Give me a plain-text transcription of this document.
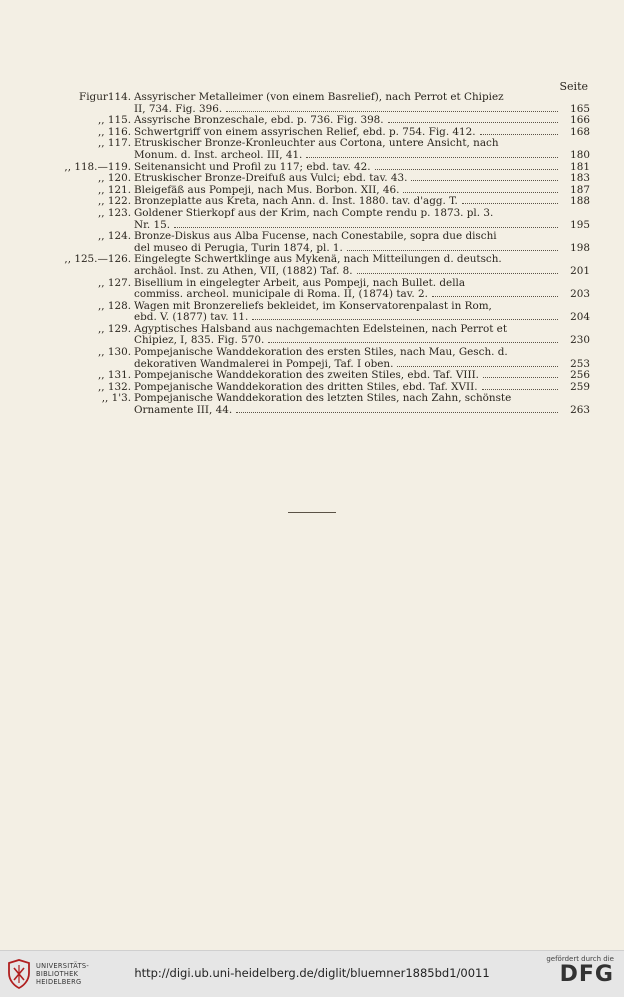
Seite
Figur114. Assyrischer Metalleimer (von einem Basrelief), nach Perrot et Chipiez
II, 734. Fig. 396.	165
,, 115. Assyrische Bronzeschale, ebd. p. 736. Fig. 398.	166
,, 116. Schwertgriff von einem assyrischen Relief, ebd. p. 754. Fig. 412.	168
,, 117. Etruskischer Bronze-Kronleuchter aus Cortona, untere Ansicht, nach
Monum. d. Inst. archeol. III, 41.	180
,, 118.—119. Seitenansicht und Profil zu 117; ebd. tav. 42.	181
,, 120. Etruskischer Bronze-Dreifuß aus Vulci; ebd. tav. 43.	183
,, 121. Bleigefäß aus Pompeji, nach Mus. Borbon. XII, 46.	187
,, 122. Bronzeplatte aus Kreta, nach Ann. d. Inst. 1880. tav. d'agg. T.	188
,, 123. Goldener Stierkopf aus der Krim, nach Compte rendu p. 1873. pl. 3.
Nr. 15.	195
,, 124. Bronze-Diskus aus Alba Fucense, nach Conestabile, sopra due dischi
del museo di Perugia, Turin 1874, pl. 1.	198
,, 125.—126. Eingelegte Schwertklinge aus Mykenä, nach Mitteilungen d. deutsch.
archäol. Inst. zu Athen, VII, (1882) Taf. 8.	201
,, 127. Bisellium in eingelegter Arbeit, aus Pompeji, nach Bullet. della
commiss. archeol. municipale di Roma. II, (1874) tav. 2.	203
,, 128. Wagen mit Bronzereliefs bekleidet, im Konservatorenpalast in Rom,
ebd. V. (1877) tav. 11.	204
,, 129. Ägyptisches Halsband aus nachgemachten Edelsteinen, nach Perrot et
Chipiez, I, 835. Fig. 570.	230
,, 130. Pompejanische Wanddekoration des ersten Stiles, nach Mau, Gesch. d.
dekorativen Wandmalerei in Pompeji, Taf. I oben.	253
,, 131. Pompejanische Wanddekoration des zweiten Stiles, ebd. Taf. VIII.	256
,, 132. Pompejanische Wanddekoration des dritten Stiles, ebd. Taf. XVII.	259
,, 1'3. Pompejanische Wanddekoration des letzten Stiles, nach Zahn, schönste
Ornamente III, 44.	263
UNIVERSITÄTS-
BIBLIOTHEK
HEIDELBERG
http://digi.ub.uni-heidelberg.de/diglit/bluemner1885bd1/0011
gefördert durch die
DFG
